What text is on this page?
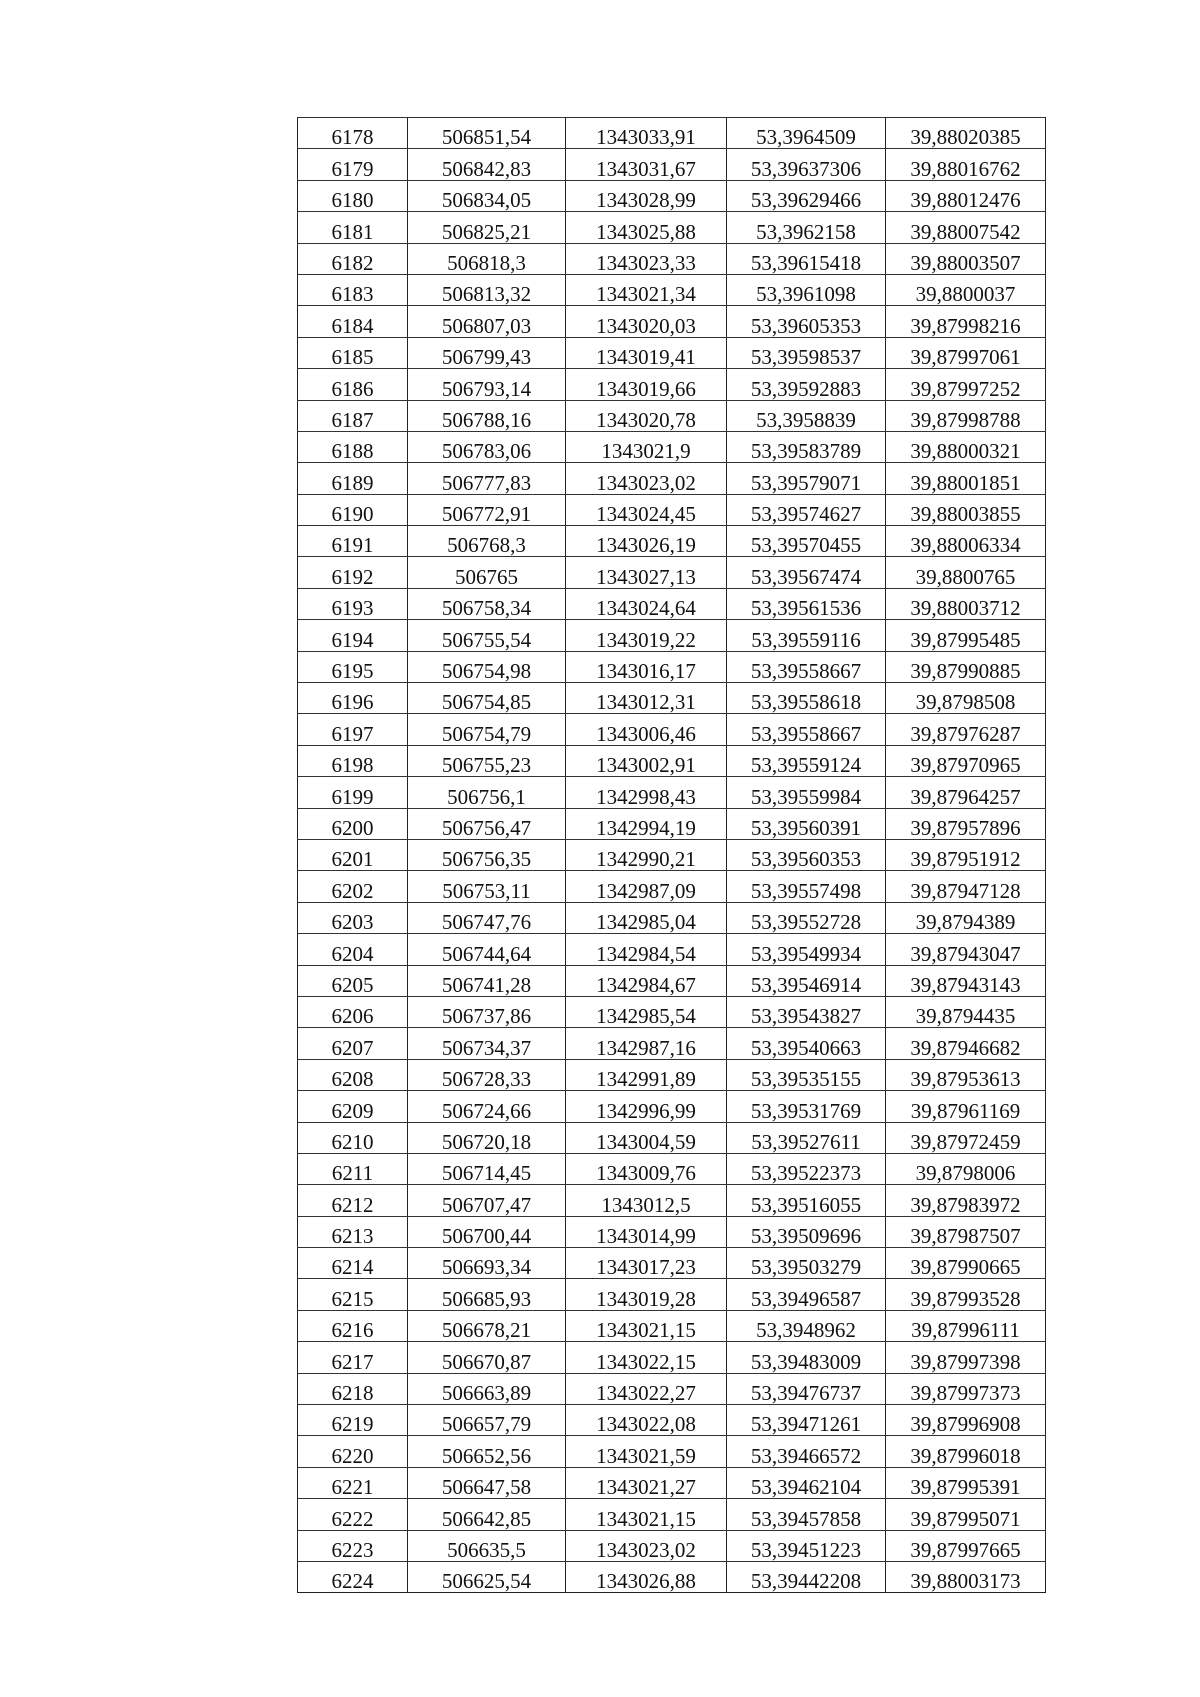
6178	506851,54	1343033,91	53,3964509	39,88020385
6179	506842,83	1343031,67	53,39637306	39,88016762
6180	506834,05	1343028,99	53,39629466	39,88012476
6181	506825,21	1343025,88	53,3962158	39,88007542
6182	506818,3	1343023,33	53,39615418	39,88003507
6183	506813,32	1343021,34	53,3961098	39,8800037
6184	506807,03	1343020,03	53,39605353	39,87998216
6185	506799,43	1343019,41	53,39598537	39,87997061
6186	506793,14	1343019,66	53,39592883	39,87997252
6187	506788,16	1343020,78	53,3958839	39,87998788
6188	506783,06	1343021,9	53,39583789	39,88000321
6189	506777,83	1343023,02	53,39579071	39,88001851
6190	506772,91	1343024,45	53,39574627	39,88003855
6191	506768,3	1343026,19	53,39570455	39,88006334
6192	506765	1343027,13	53,39567474	39,8800765
6193	506758,34	1343024,64	53,39561536	39,88003712
6194	506755,54	1343019,22	53,39559116	39,87995485
6195	506754,98	1343016,17	53,39558667	39,87990885
6196	506754,85	1343012,31	53,39558618	39,8798508
6197	506754,79	1343006,46	53,39558667	39,87976287
6198	506755,23	1343002,91	53,39559124	39,87970965
6199	506756,1	1342998,43	53,39559984	39,87964257
6200	506756,47	1342994,19	53,39560391	39,87957896
6201	506756,35	1342990,21	53,39560353	39,87951912
6202	506753,11	1342987,09	53,39557498	39,87947128
6203	506747,76	1342985,04	53,39552728	39,8794389
6204	506744,64	1342984,54	53,39549934	39,87943047
6205	506741,28	1342984,67	53,39546914	39,87943143
6206	506737,86	1342985,54	53,39543827	39,8794435
6207	506734,37	1342987,16	53,39540663	39,87946682
6208	506728,33	1342991,89	53,39535155	39,87953613
6209	506724,66	1342996,99	53,39531769	39,87961169
6210	506720,18	1343004,59	53,39527611	39,87972459
6211	506714,45	1343009,76	53,39522373	39,8798006
6212	506707,47	1343012,5	53,39516055	39,87983972
6213	506700,44	1343014,99	53,39509696	39,87987507
6214	506693,34	1343017,23	53,39503279	39,87990665
6215	506685,93	1343019,28	53,39496587	39,87993528
6216	506678,21	1343021,15	53,3948962	39,87996111
6217	506670,87	1343022,15	53,39483009	39,87997398
6218	506663,89	1343022,27	53,39476737	39,87997373
6219	506657,79	1343022,08	53,39471261	39,87996908
6220	506652,56	1343021,59	53,39466572	39,87996018
6221	506647,58	1343021,27	53,39462104	39,87995391
6222	506642,85	1343021,15	53,39457858	39,87995071
6223	506635,5	1343023,02	53,39451223	39,87997665
6224	506625,54	1343026,88	53,39442208	39,88003173
